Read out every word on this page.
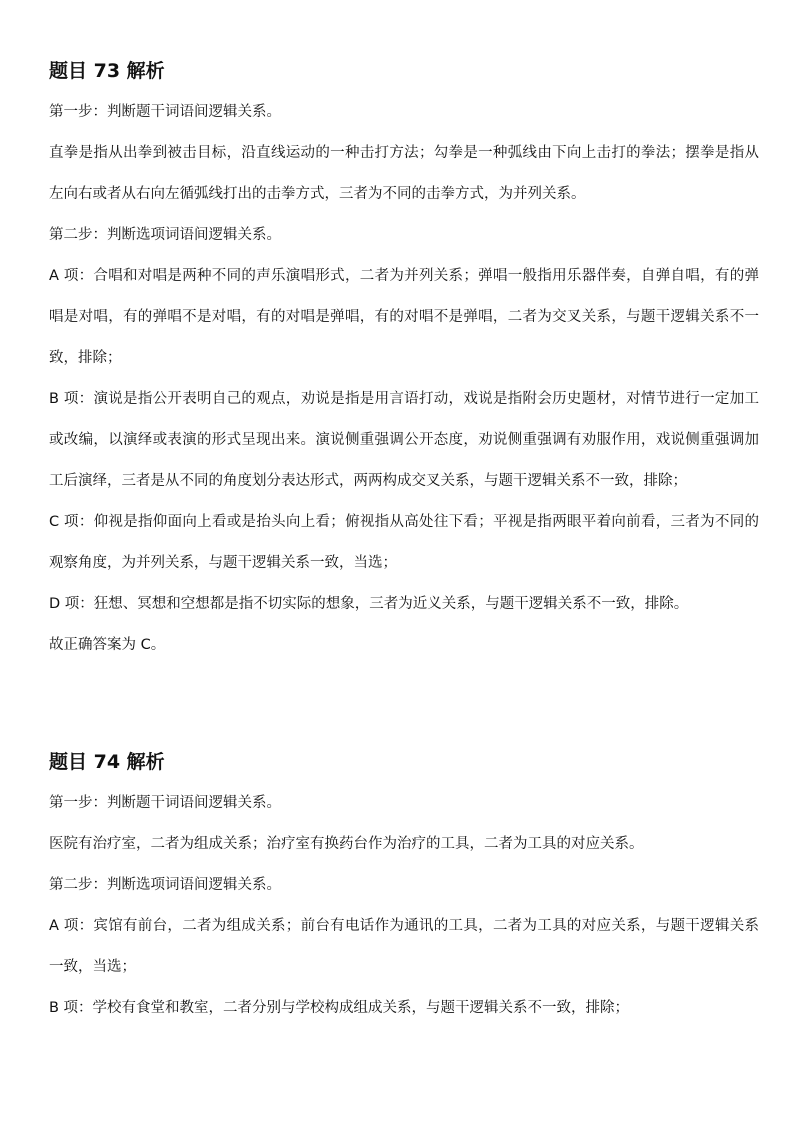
题目 73 解析

第一步：判断题干词语间逻辑关系。

直拳是指从出拳到被击目标，沿直线运动的一种击打方法；勾拳是一种弧线由下向上击打的拳法；摆拳是指从左向右或者从右向左循弧线打出的击拳方式，三者为不同的击拳方式，为并列关系。

第二步：判断选项词语间逻辑关系。

A 项：合唱和对唱是两种不同的声乐演唱形式，二者为并列关系；弹唱一般指用乐器伴奏，自弹自唱，有的弹唱是对唱，有的弹唱不是对唱，有的对唱是弹唱，有的对唱不是弹唱，二者为交叉关系，与题干逻辑关系不一致，排除；

B 项：演说是指公开表明自己的观点，劝说是指是用言语打动，戏说是指附会历史题材，对情节进行一定加工或改编，以演绎或表演的形式呈现出来。演说侧重强调公开态度，劝说侧重强调有劝服作用，戏说侧重强调加工后演绎，三者是从不同的角度划分表达形式，两两构成交叉关系，与题干逻辑关系不一致，排除；

C 项：仰视是指仰面向上看或是抬头向上看；俯视指从高处往下看；平视是指两眼平着向前看，三者为不同的观察角度，为并列关系，与题干逻辑关系一致，当选；

D 项：狂想、冥想和空想都是指不切实际的想象，三者为近义关系，与题干逻辑关系不一致，排除。

故正确答案为 C。

题目 74 解析

第一步：判断题干词语间逻辑关系。

医院有治疗室，二者为组成关系；治疗室有换药台作为治疗的工具，二者为工具的对应关系。

第二步：判断选项词语间逻辑关系。

A 项：宾馆有前台，二者为组成关系；前台有电话作为通讯的工具，二者为工具的对应关系，与题干逻辑关系一致，当选；

B 项：学校有食堂和教室，二者分别与学校构成组成关系，与题干逻辑关系不一致，排除；
